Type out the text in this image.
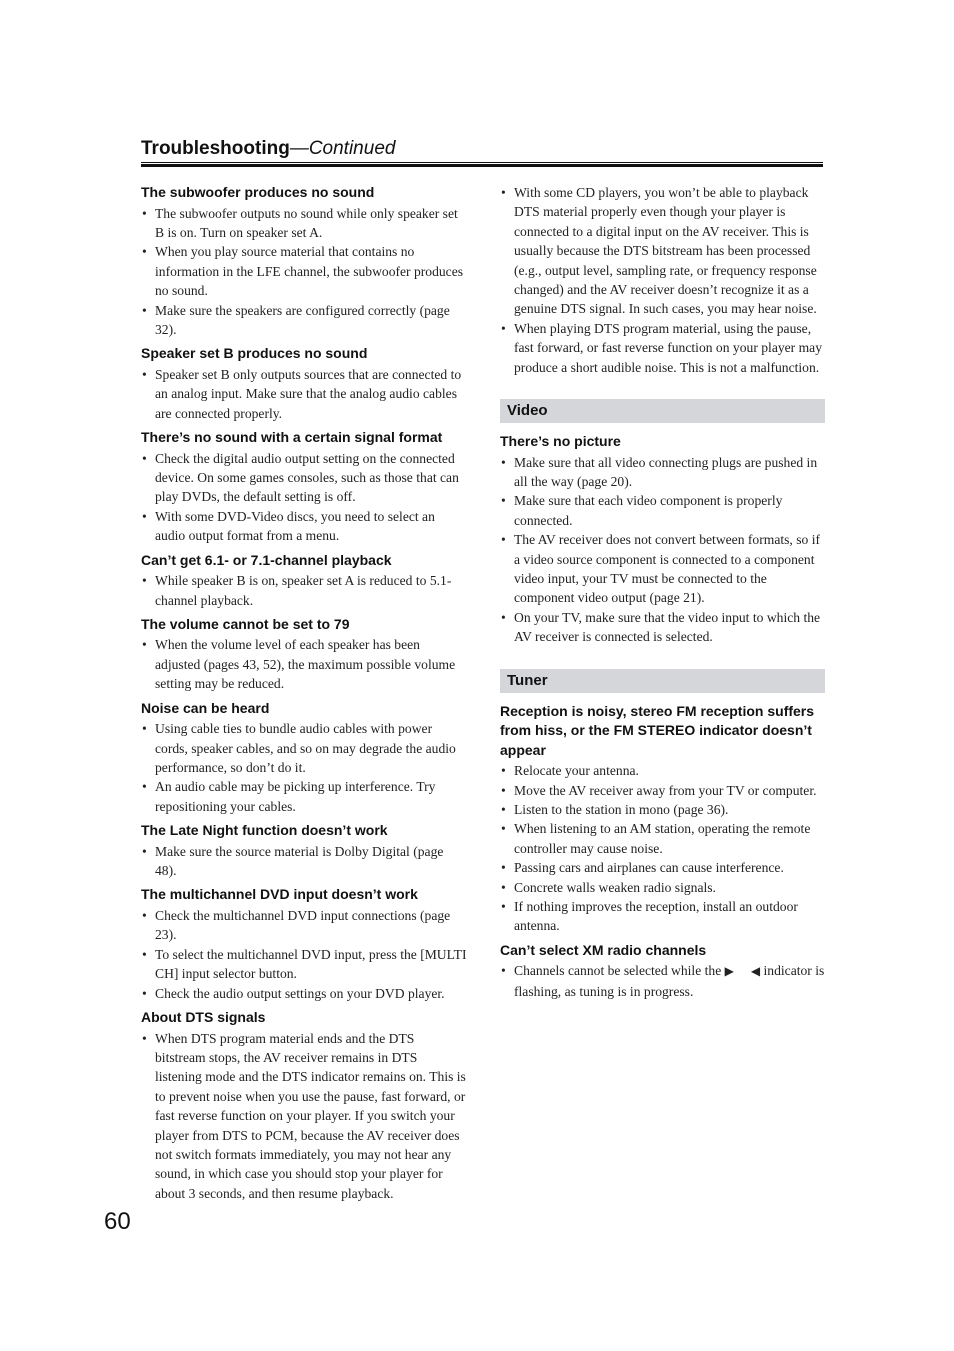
Troubleshooting—Continued
The subwoofer produces no sound
• The subwoofer outputs no sound while only speaker set B is on. Turn on speaker set A.
• When you play source material that contains no information in the LFE channel, the subwoofer produces no sound.
• Make sure the speakers are configured correctly (page 32).
Speaker set B produces no sound
• Speaker set B only outputs sources that are connected to an analog input. Make sure that the analog audio cables are connected properly.
There’s no sound with a certain signal format
• Check the digital audio output setting on the connected device. On some games consoles, such as those that can play DVDs, the default setting is off.
• With some DVD-Video discs, you need to select an audio output format from a menu.
Can’t get 6.1- or 7.1-channel playback
• While speaker B is on, speaker set A is reduced to 5.1-channel playback.
The volume cannot be set to 79
• When the volume level of each speaker has been adjusted (pages 43, 52), the maximum possible volume setting may be reduced.
Noise can be heard
• Using cable ties to bundle audio cables with power cords, speaker cables, and so on may degrade the audio performance, so don’t do it.
• An audio cable may be picking up interference. Try repositioning your cables.
The Late Night function doesn’t work
• Make sure the source material is Dolby Digital (page 48).
The multichannel DVD input doesn’t work
• Check the multichannel DVD input connections (page 23).
• To select the multichannel DVD input, press the [MULTI CH] input selector button.
• Check the audio output settings on your DVD player.
About DTS signals
• When DTS program material ends and the DTS bitstream stops, the AV receiver remains in DTS listening mode and the DTS indicator remains on. This is to prevent noise when you use the pause, fast forward, or fast reverse function on your player. If you switch your player from DTS to PCM, because the AV receiver does not switch formats immediately, you may not hear any sound, in which case you should stop your player for about 3 seconds, and then resume playback.
• With some CD players, you won’t be able to playback DTS material properly even though your player is connected to a digital input on the AV receiver. This is usually because the DTS bitstream has been processed (e.g., output level, sampling rate, or frequency response changed) and the AV receiver doesn’t recognize it as a genuine DTS signal. In such cases, you may hear noise.
• When playing DTS program material, using the pause, fast forward, or fast reverse function on your player may produce a short audible noise. This is not a malfunction.
Video
There’s no picture
• Make sure that all video connecting plugs are pushed in all the way (page 20).
• Make sure that each video component is properly connected.
• The AV receiver does not convert between formats, so if a video source component is connected to a component video input, your TV must be connected to the component video output (page 21).
• On your TV, make sure that the video input to which the AV receiver is connected is selected.
Tuner
Reception is noisy, stereo FM reception suffers from hiss, or the FM STEREO indicator doesn’t appear
• Relocate your antenna.
• Move the AV receiver away from your TV or computer.
• Listen to the station in mono (page 36).
• When listening to an AM station, operating the remote controller may cause noise.
• Passing cars and airplanes can cause interference.
• Concrete walls weaken radio signals.
• If nothing improves the reception, install an outdoor antenna.
Can’t select XM radio channels
• Channels cannot be selected while the ▶ ◀ indicator is flashing, as tuning is in progress.
60
